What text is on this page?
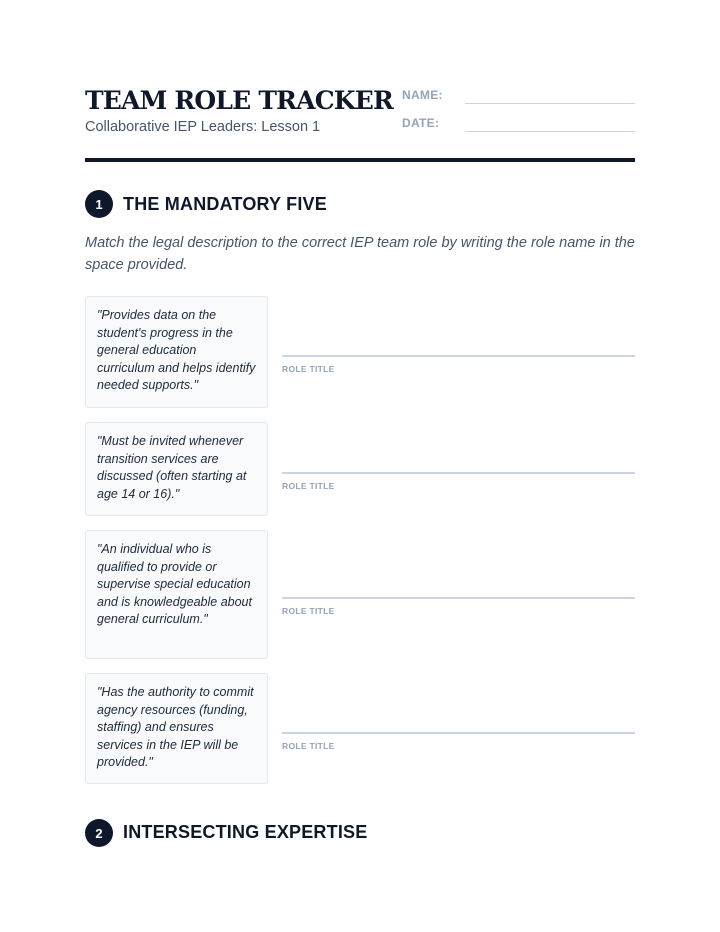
TEAM ROLE TRACKER
Collaborative IEP Leaders: Lesson 1
NAME:
DATE:
1	THE MANDATORY FIVE
Match the legal description to the correct IEP team role by writing the role name in the space provided.
"Provides data on the student's progress in the general education curriculum and helps identify needed supports."
ROLE TITLE
"Must be invited whenever transition services are discussed (often starting at age 14 or 16)."
ROLE TITLE
"An individual who is qualified to provide or supervise special education and is knowledgeable about general curriculum."
ROLE TITLE
"Has the authority to commit agency resources (funding, staffing) and ensures services in the IEP will be provided."
ROLE TITLE
2	INTERSECTING EXPERTISE
